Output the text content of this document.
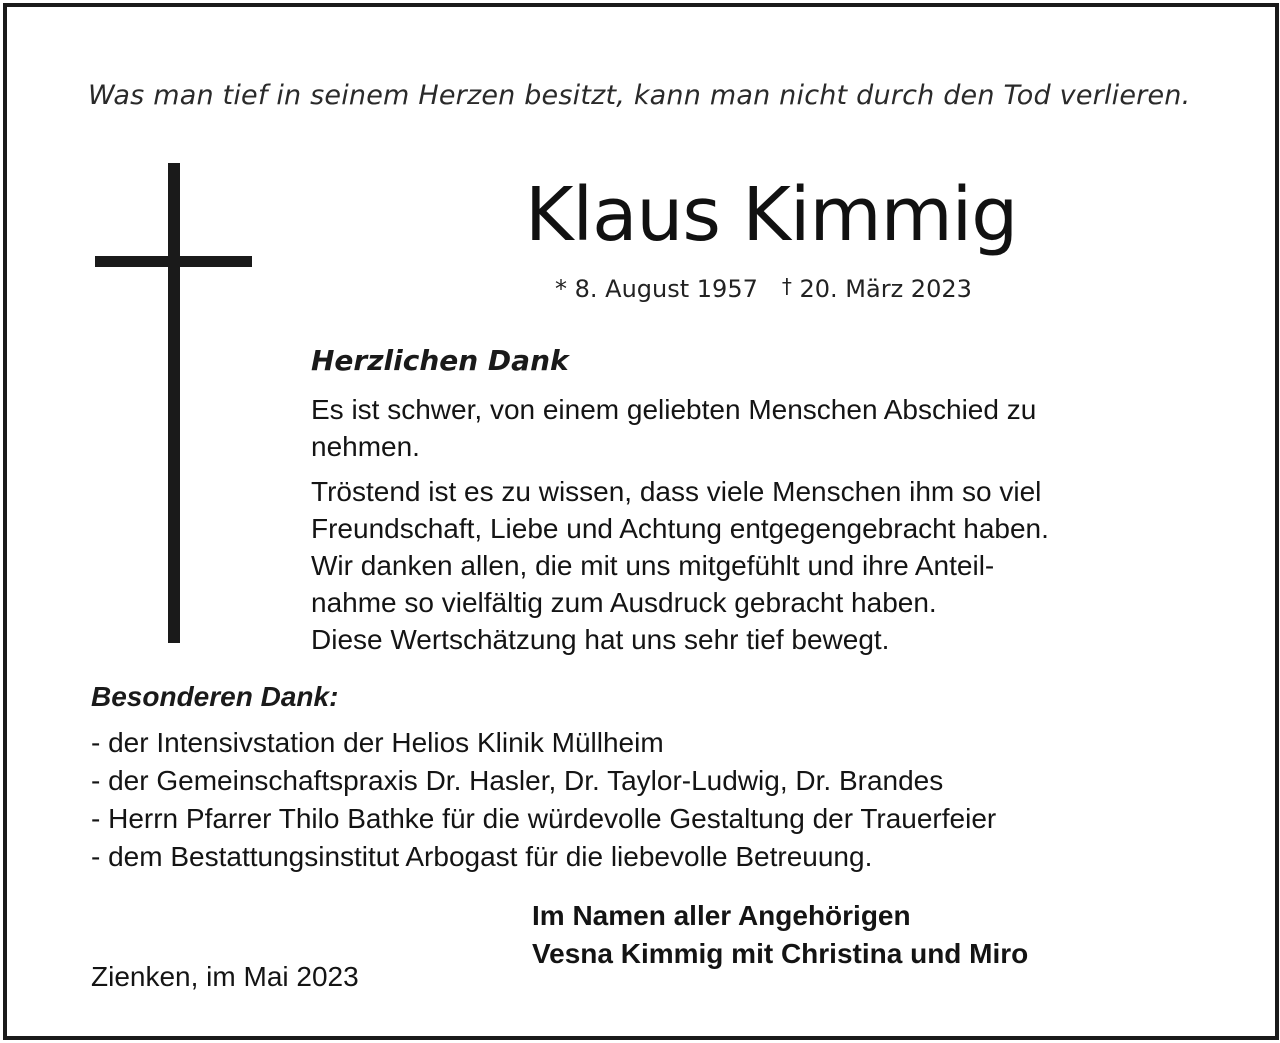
Was man tief in seinem Herzen besitzt, kann man nicht durch den Tod verlieren.
Klaus Kimmig
* 8. August 1957 † 20. März 2023
Herzlichen Dank
Es ist schwer, von einem geliebten Menschen Abschied zu
nehmen.
Tröstend ist es zu wissen, dass viele Menschen ihm so viel
Freundschaft, Liebe und Achtung entgegengebracht haben.
Wir danken allen, die mit uns mitgefühlt und ihre Anteil-
nahme so vielfältig zum Ausdruck gebracht haben.
Diese Wertschätzung hat uns sehr tief bewegt.
Besonderen Dank:
- der Intensivstation der Helios Klinik Müllheim
- der Gemeinschaftspraxis Dr. Hasler, Dr. Taylor-Ludwig, Dr. Brandes
- Herrn Pfarrer Thilo Bathke für die würdevolle Gestaltung der Trauerfeier
- dem Bestattungsinstitut Arbogast für die liebevolle Betreuung.
Im Namen aller Angehörigen
Vesna Kimmig mit Christina und Miro
Zienken, im Mai 2023
